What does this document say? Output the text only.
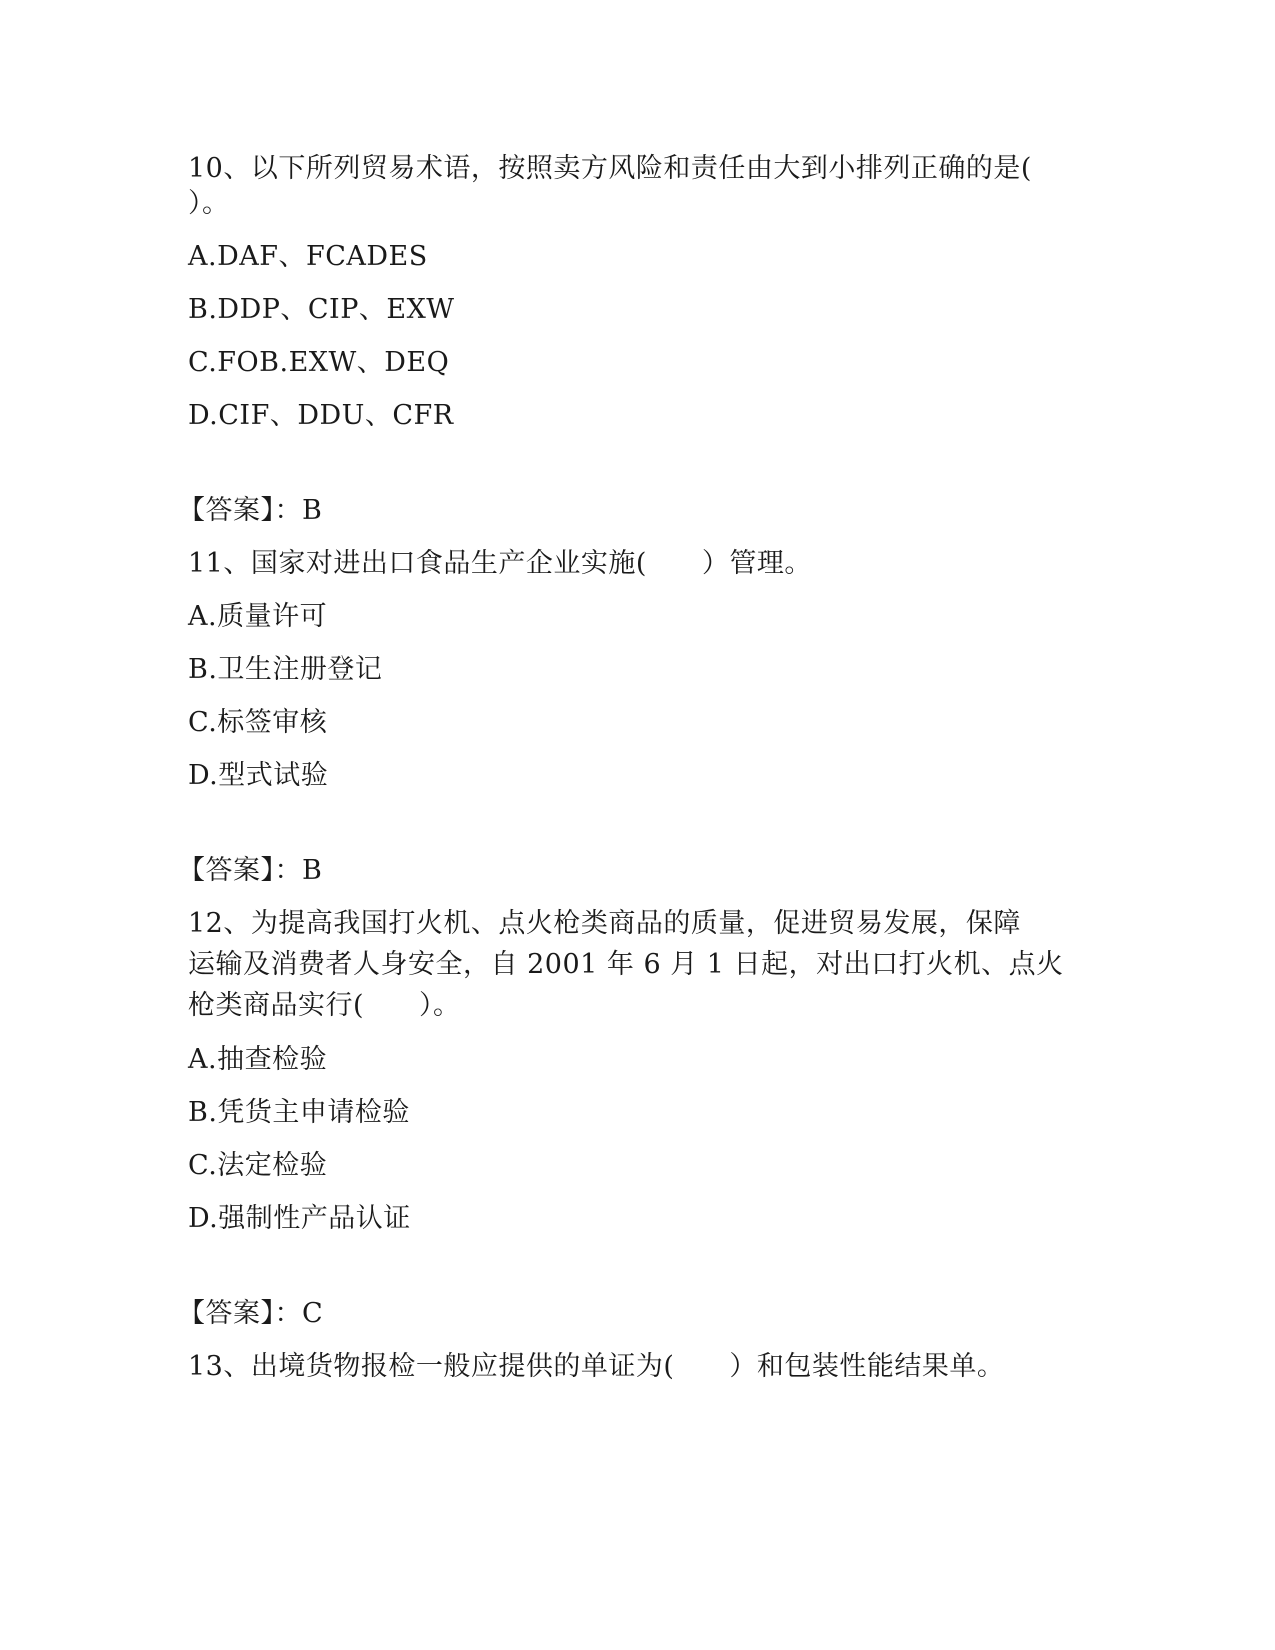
10、以下所列贸易术语，按照卖方风险和责任由大到小排列正确的是(
）。
A.DAF、FCADES
B.DDP、CIP、EXW
C.FOB.EXW、DEQ
D.CIF、DDU、CFR
【答案】：B
11、国家对进出口食品生产企业实施(　　）管理。
A.质量许可
B.卫生注册登记
C.标签审核
D.型式试验
【答案】：B
12、为提高我国打火机、点火枪类商品的质量，促进贸易发展，保障
运输及消费者人身安全，自 2001 年 6 月 1 日起，对出口打火机、点火
枪类商品实行(　　）。
A.抽查检验
B.凭货主申请检验
C.法定检验
D.强制性产品认证
【答案】：C
13、出境货物报检一般应提供的单证为(　　）和包装性能结果单。
